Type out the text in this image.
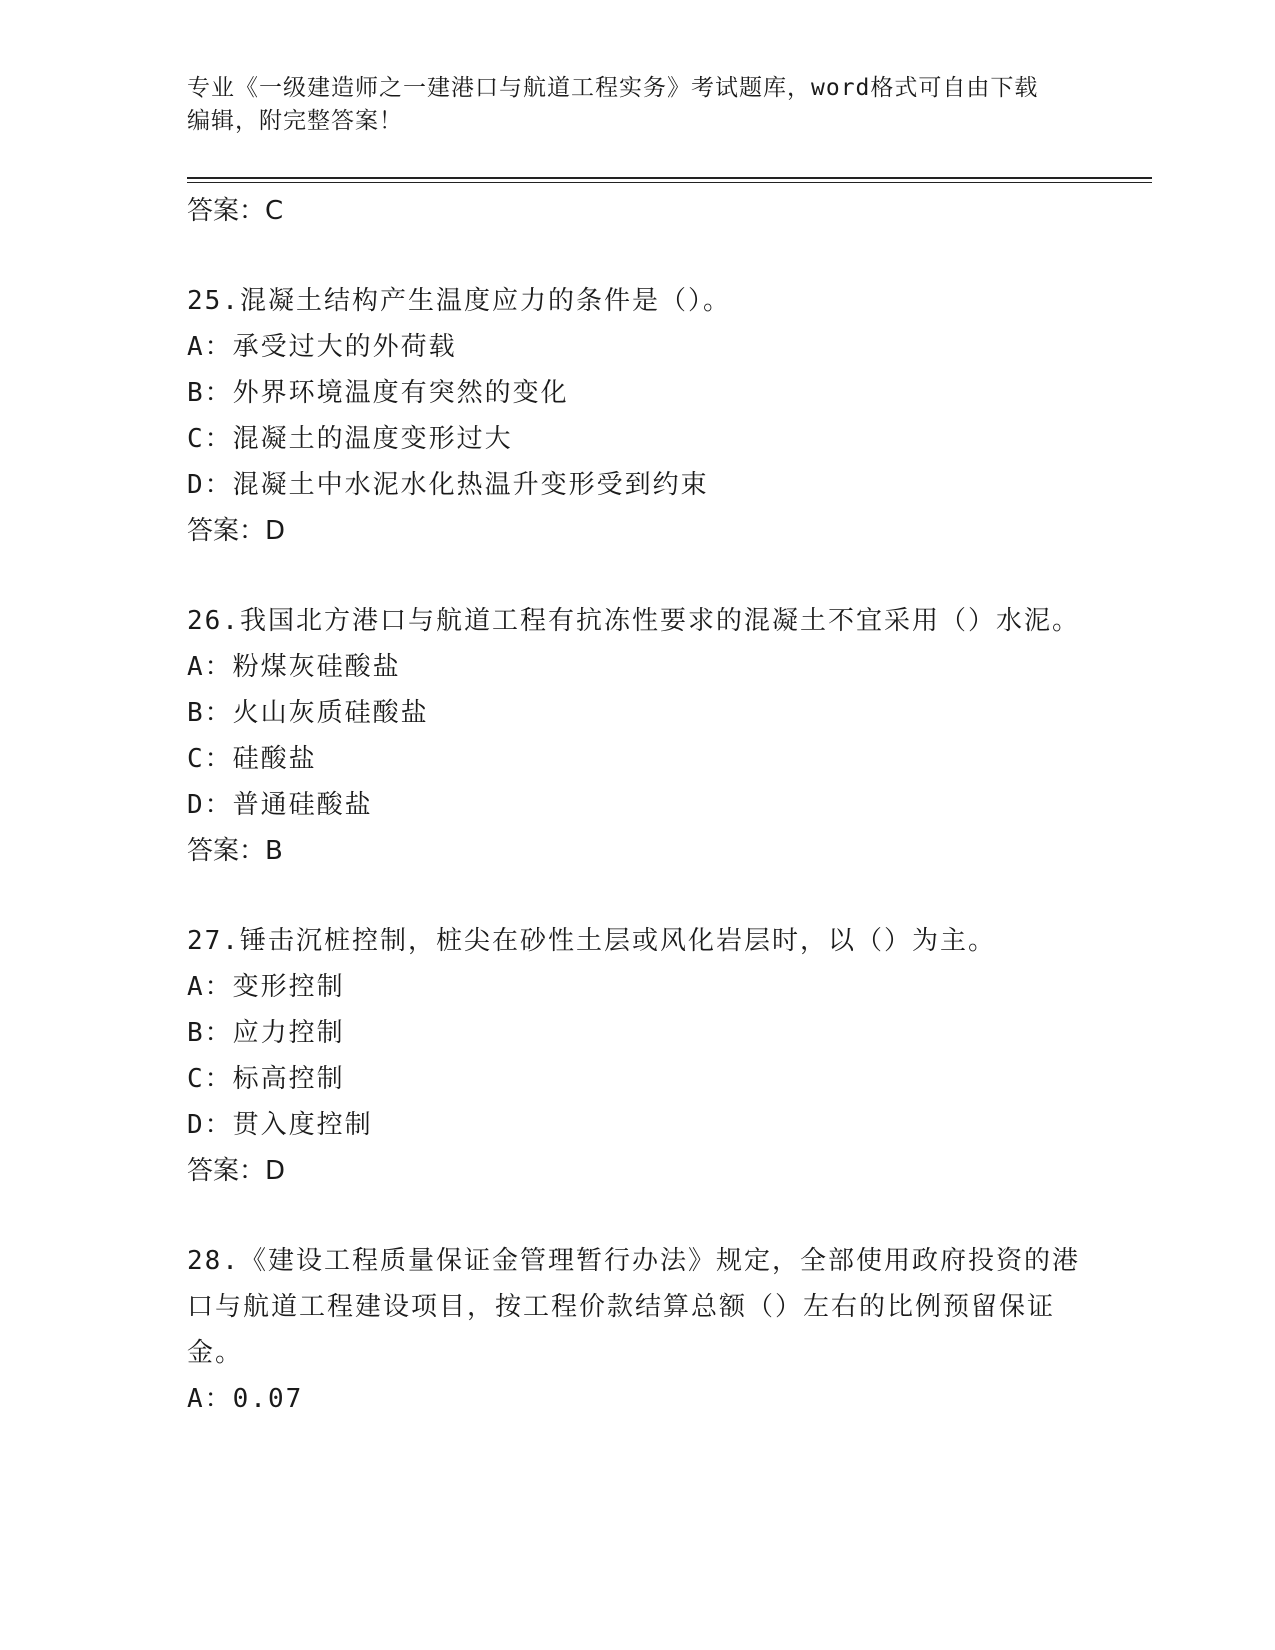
专业《一级建造师之一建港口与航道工程实务》考试题库，word格式可自由下载
编辑，附完整答案！
答案：C
25.混凝土结构产生温度应力的条件是（）。
A：承受过大的外荷载
B：外界环境温度有突然的变化
C：混凝土的温度变形过大
D：混凝土中水泥水化热温升变形受到约束
答案：D
26.我国北方港口与航道工程有抗冻性要求的混凝土不宜采用（）水泥。
A：粉煤灰硅酸盐
B：火山灰质硅酸盐
C：硅酸盐
D：普通硅酸盐
答案：B
27.锤击沉桩控制，桩尖在砂性土层或风化岩层时，以（）为主。
A：变形控制
B：应力控制
C：标高控制
D：贯入度控制
答案：D
28.《建设工程质量保证金管理暂行办法》规定，全部使用政府投资的港口与航道工程建设项目，按工程价款结算总额（）左右的比例预留保证金。
A：0.07
